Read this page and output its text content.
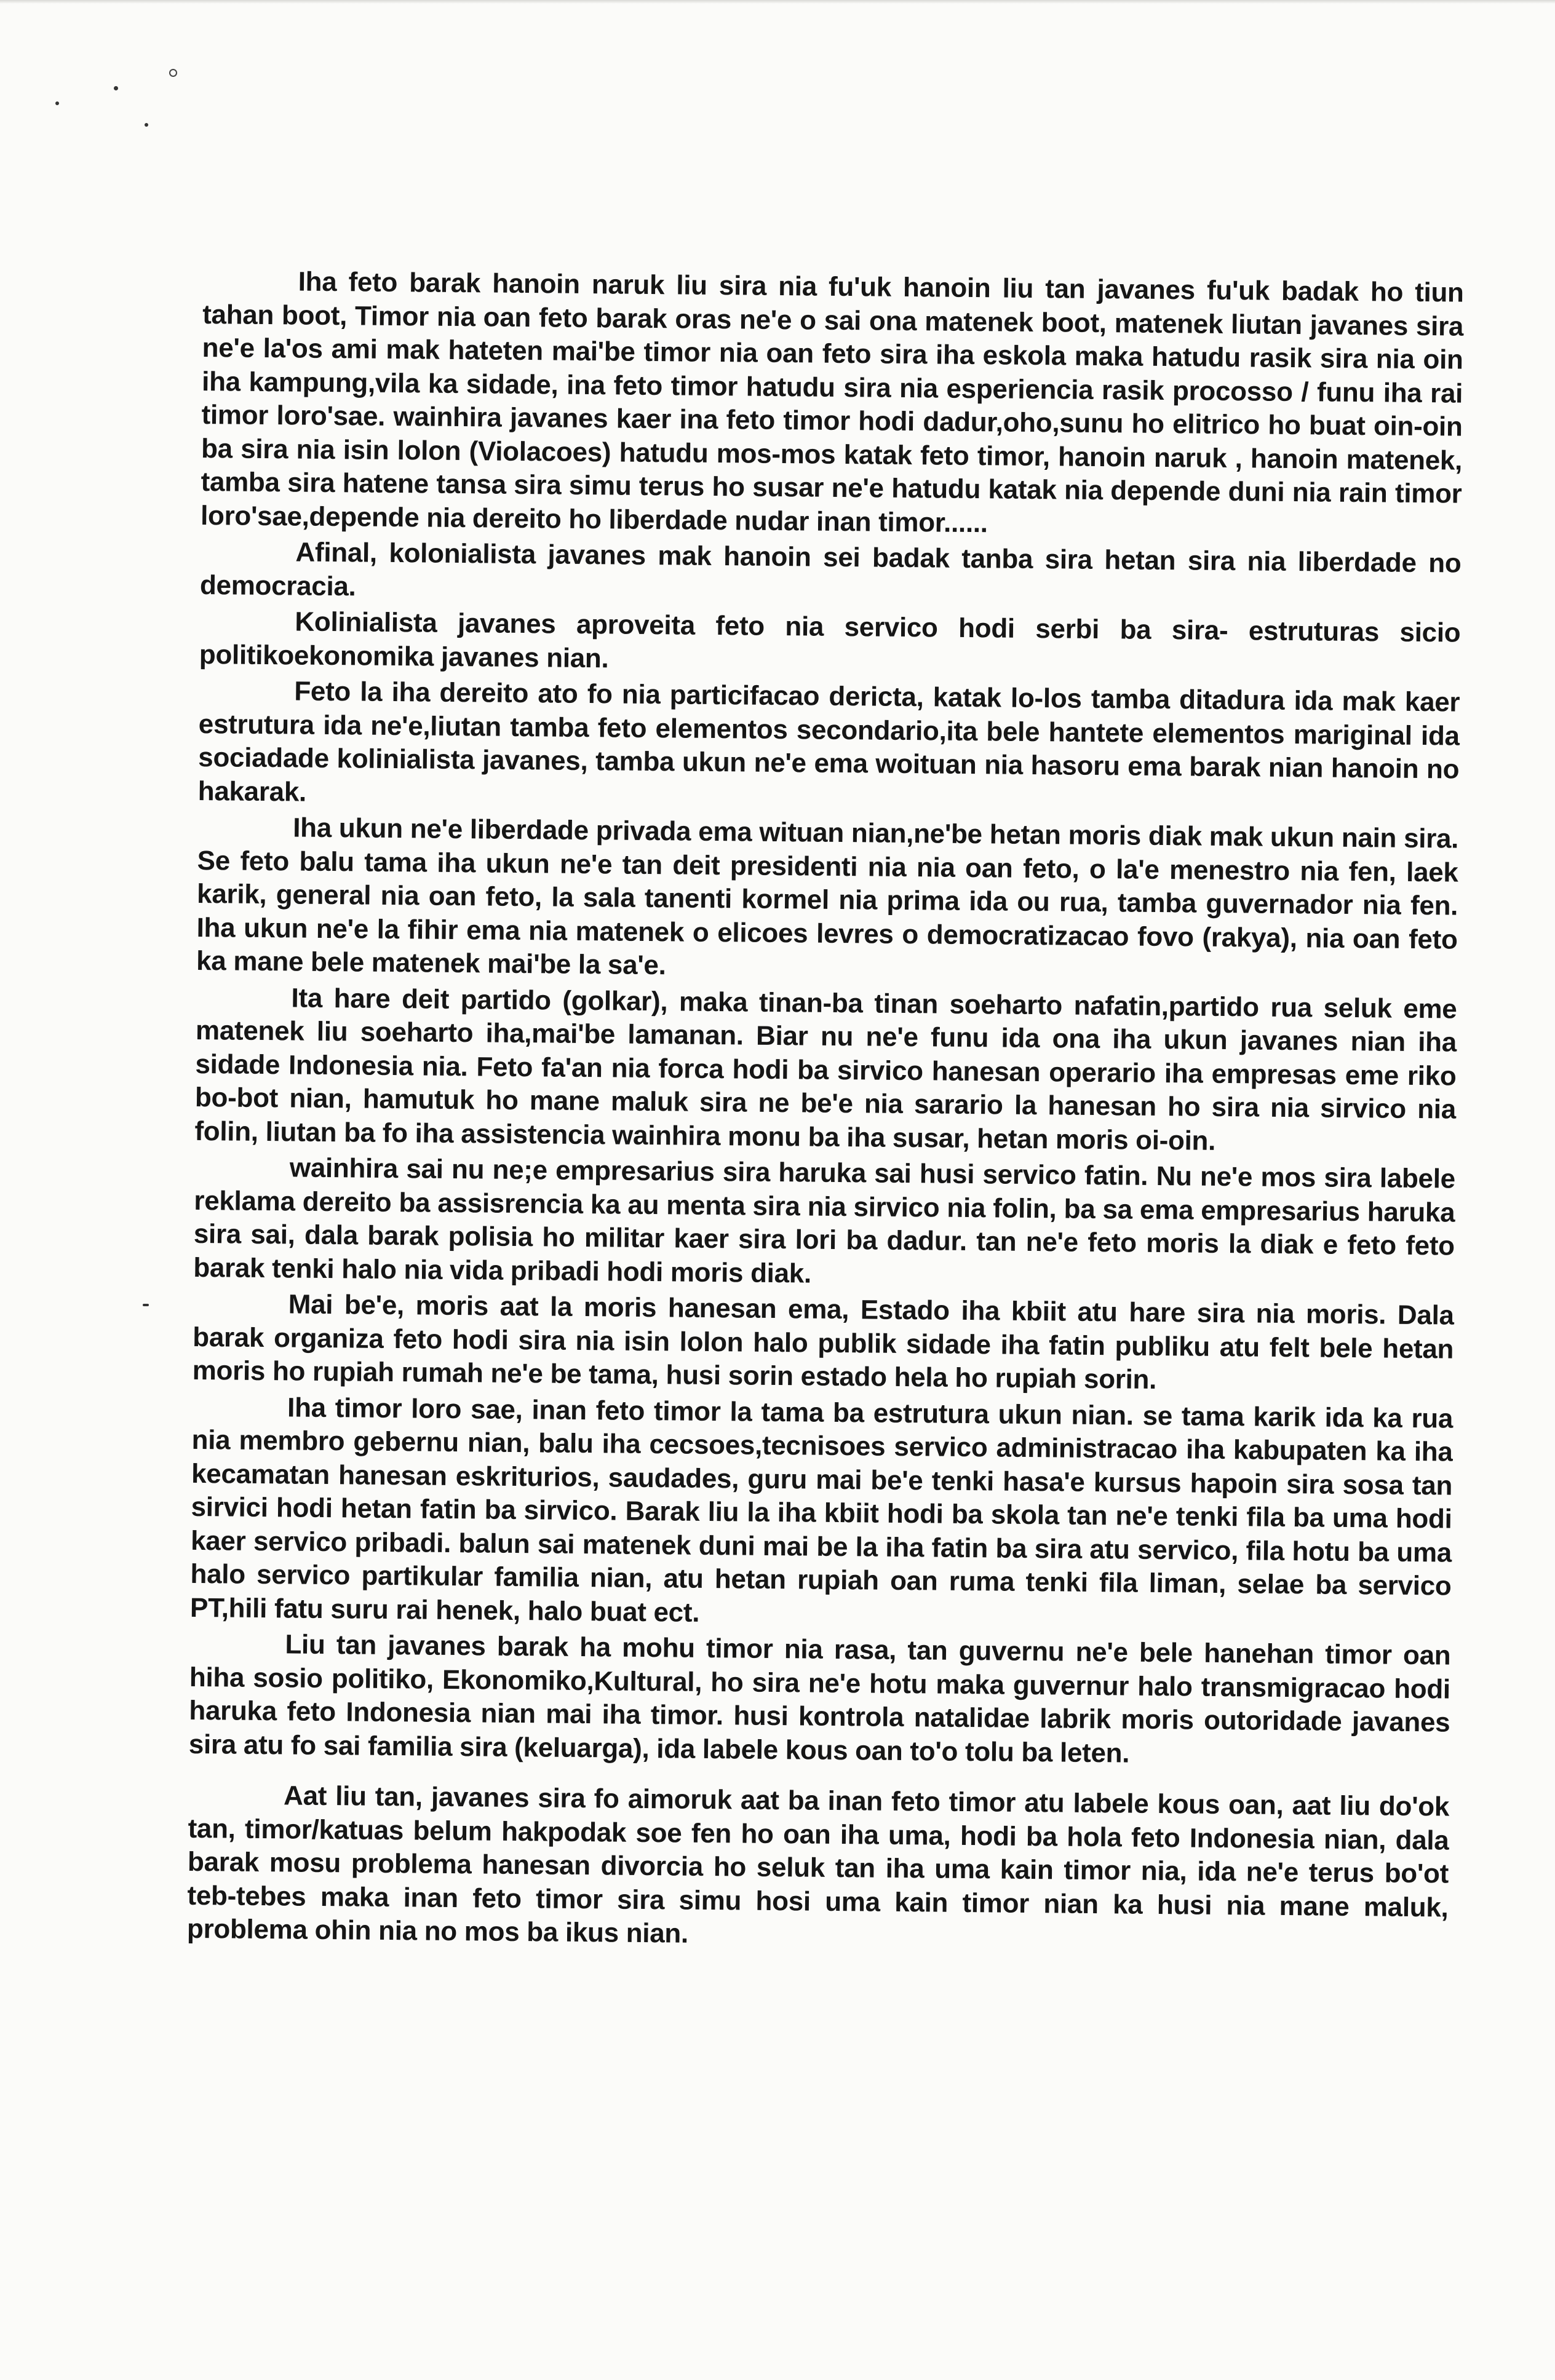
Iha feto barak hanoin naruk liu sira nia fu'uk hanoin liu tan javanes fu'uk badak ho tiun tahan boot, Timor nia oan feto barak oras ne'e o sai ona matenek boot, matenek liutan javanes sira ne'e la'os ami mak hateten mai'be timor nia oan feto sira iha eskola maka hatudu rasik sira nia oin iha kampung,vila ka sidade, ina feto timor hatudu sira nia esperiencia rasik procosso / funu iha rai timor loro'sae. wainhira javanes kaer ina feto timor hodi dadur,oho,sunu ho elitrico ho buat oin-oin ba sira nia isin lolon (Violacoes) hatudu mos-mos katak feto timor, hanoin naruk , hanoin matenek, tamba sira hatene tansa sira simu terus ho susar ne'e hatudu katak nia depende duni nia rain timor loro'sae,depende nia dereito ho liberdade nudar inan timor......

Afinal, kolonialista javanes mak hanoin sei badak tanba sira hetan sira nia liberdade no democracia.

Kolinialista javanes aproveita feto nia servico hodi serbi ba sira- estruturas sicio politikoekonomika javanes nian.

Feto la iha dereito ato fo nia particifacao dericta, katak lo-los tamba ditadura ida mak kaer estrutura ida ne'e,liutan tamba feto elementos secondario,ita bele hantete elementos mariginal ida sociadade kolinialista javanes, tamba ukun ne'e ema woituan nia hasoru ema barak nian hanoin no hakarak.

Iha ukun ne'e liberdade privada ema wituan nian,ne'be hetan moris diak mak ukun nain sira. Se feto balu tama iha ukun ne'e tan deit presidenti nia nia oan feto, o la'e menestro nia fen, laek karik, general nia oan feto, la sala tanenti kormel nia prima ida ou rua, tamba guvernador nia fen. Iha ukun ne'e la fihir ema nia matenek o elicoes levres o democratizacao fovo (rakya), nia oan feto ka mane bele matenek mai'be la sa'e.

Ita hare deit partido (golkar), maka tinan-ba tinan soeharto nafatin,partido rua seluk eme matenek liu soeharto iha,mai'be lamanan. Biar nu ne'e funu ida ona iha ukun javanes nian iha sidade Indonesia nia. Feto fa'an nia forca hodi ba sirvico hanesan operario iha empresas eme riko bo-bot nian, hamutuk ho mane maluk sira ne be'e nia sarario la hanesan ho sira nia sirvico nia folin, liutan ba fo iha assistencia wainhira monu ba iha susar, hetan moris oi-oin.

wainhira sai nu ne;e empresarius sira haruka sai husi servico fatin. Nu ne'e mos sira labele reklama dereito ba assisrencia ka au menta sira nia sirvico nia folin, ba sa ema empresarius haruka sira sai, dala barak polisia ho militar kaer sira lori ba dadur. tan ne'e feto moris la diak e feto feto barak tenki halo nia vida pribadi hodi moris diak.

Mai be'e, moris aat la moris hanesan ema, Estado iha kbiit atu hare sira nia moris. Dala barak organiza feto hodi sira nia isin lolon halo publik sidade iha fatin publiku atu felt bele hetan moris ho rupiah rumah ne'e be tama, husi sorin estado hela ho rupiah sorin.

Iha timor loro sae, inan feto timor la tama ba estrutura ukun nian. se tama karik ida ka rua nia membro gebernu nian, balu iha cecsoes,tecnisoes servico administracao iha kabupaten ka iha kecamatan hanesan eskriturios, saudades, guru mai be'e tenki hasa'e kursus hapoin sira sosa tan sirvici hodi hetan fatin ba sirvico. Barak liu la iha kbiit hodi ba skola tan ne'e tenki fila ba uma hodi kaer servico pribadi. balun sai matenek duni mai be la iha fatin ba sira atu servico, fila hotu ba uma halo servico partikular familia nian, atu hetan rupiah oan ruma tenki fila liman, selae ba servico PT,hili fatu suru rai henek, halo buat ect.

Liu tan javanes barak ha mohu timor nia rasa, tan guvernu ne'e bele hanehan timor oan hiha sosio politiko, Ekonomiko,Kultural, ho sira ne'e hotu maka guvernur halo transmigracao hodi haruka feto Indonesia nian mai iha timor. husi kontrola natalidae labrik moris outoridade javanes sira atu fo sai familia sira (keluarga), ida labele kous oan to'o tolu ba leten.

Aat liu tan, javanes sira fo aimoruk aat ba inan feto timor atu labele kous oan, aat liu do'ok tan, timor/katuas belum hakpodak soe fen ho oan iha uma, hodi ba hola feto Indonesia nian, dala barak mosu problema hanesan divorcia ho seluk tan iha uma kain timor nia, ida ne'e terus bo'ot teb-tebes maka inan feto timor sira simu hosi uma kain timor nian ka husi nia mane maluk, problema ohin nia no mos ba ikus nian.
